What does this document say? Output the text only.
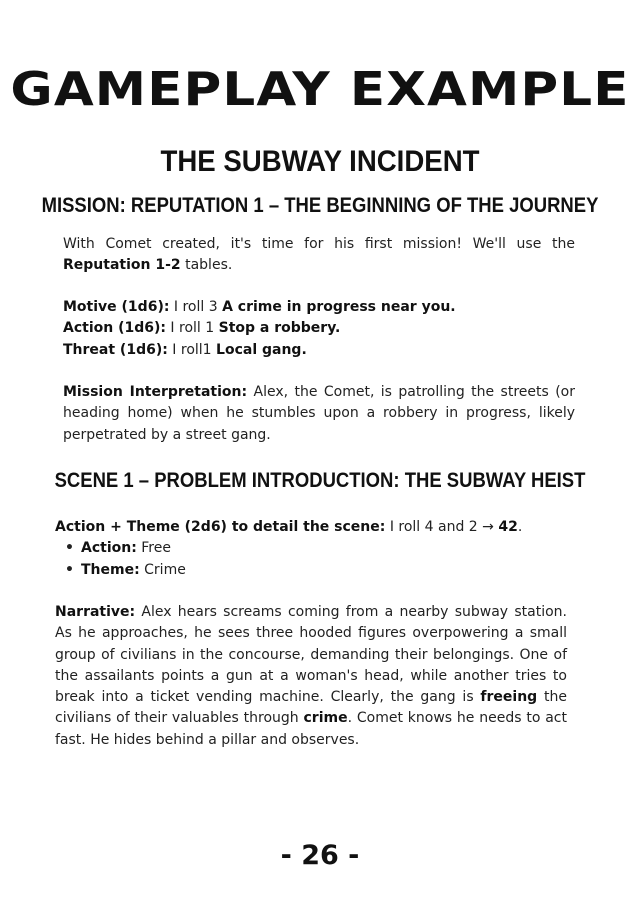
GAMEPLAY EXAMPLE
THE SUBWAY INCIDENT
MISSION: REPUTATION 1 – THE BEGINNING OF THE JOURNEY
With Comet created, it's time for his first mission! We'll use the Reputation 1-2 tables.

Motive (1d6): I roll 3 A crime in progress near you.

Action (1d6): I roll 1 Stop a robbery.

Threat (1d6): I roll1 Local gang.

Mission Interpretation: Alex, the Comet, is patrolling the streets (or heading home) when he stumbles upon a robbery in progress, likely perpetrated by a street gang.
SCENE 1 – PROBLEM INTRODUCTION: THE SUBWAY HEIST
Action + Theme (2d6) to detail the scene: I roll 4 and 2 → 42.
• Action: Free
• Theme: Crime
Narrative: Alex hears screams coming from a nearby subway station. As he approaches, he sees three hooded figures overpowering a small group of civilians in the concourse, demanding their belongings. One of the assailants points a gun at a woman's head, while another tries to break into a ticket vending machine. Clearly, the gang is freeing the civilians of their valuables through crime. Comet knows he needs to act fast. He hides behind a pillar and observes.
- 26 -
